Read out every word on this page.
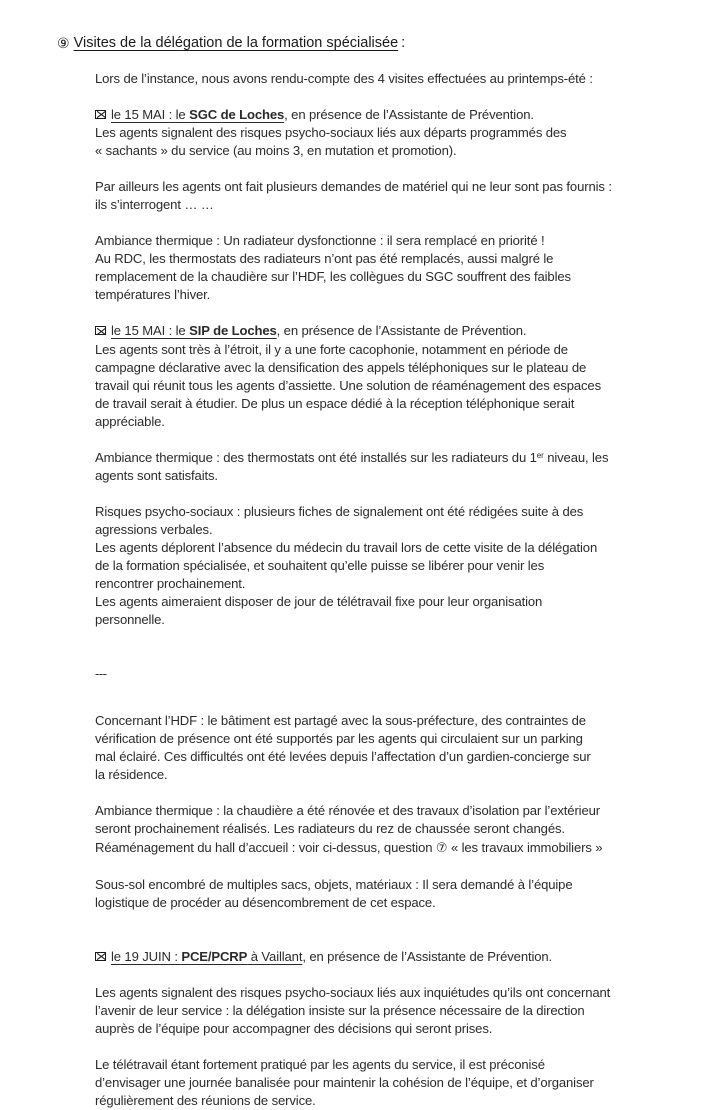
⑨ Visites de la délégation de la formation spécialisée :
Lors de l’instance, nous avons rendu-compte des 4 visites effectuées au printemps-été :
le 15 MAI : le SGC de Loches, en présence de l’Assistante de Prévention.
Les agents signalent des risques psycho-sociaux liés aux départs programmés des
« sachants » du service (au moins 3, en mutation et promotion).
Par ailleurs les agents ont fait plusieurs demandes de matériel qui ne leur sont pas fournis :
ils s’interrogent … …
Ambiance thermique : Un radiateur dysfonctionne : il sera remplacé en priorité !
Au RDC, les thermostats des radiateurs n’ont pas été remplacés, aussi malgré le
remplacement de la chaudière sur l’HDF, les collègues du SGC souffrent des faibles
températures l’hiver.
le 15 MAI : le SIP de Loches, en présence de l’Assistante de Prévention.
Les agents sont très à l’étroit, il y a une forte cacophonie, notamment en période de
campagne déclarative avec la densification des appels téléphoniques sur le plateau de
travail qui réunit tous les agents d’assiette. Une solution de réaménagement des espaces
de travail serait à étudier. De plus un espace dédié à la réception téléphonique serait
appréciable.
Ambiance thermique : des thermostats ont été installés sur les radiateurs du 1er niveau, les
agents sont satisfaits.
Risques psycho-sociaux : plusieurs fiches de signalement ont été rédigées suite à des
agressions verbales.
Les agents déplorent l’absence du médecin du travail lors de cette visite de la délégation
de la formation spécialisée, et souhaitent qu’elle puisse se libérer pour venir les
rencontrer prochainement.
Les agents aimeraient disposer de jour de télétravail fixe pour leur organisation
personnelle.
---
Concernant l’HDF : le bâtiment est partagé avec la sous-préfecture, des contraintes de
vérification de présence ont été supportés par les agents qui circulaient sur un parking
mal éclairé. Ces difficultés ont été levées depuis l’affectation d’un gardien-concierge sur
la résidence.
Ambiance thermique : la chaudière a été rénovée et des travaux d’isolation par l’extérieur
seront prochainement réalisés. Les radiateurs du rez de chaussée seront changés.
Réaménagement du hall d’accueil : voir ci-dessus, question ⑦ « les travaux immobiliers »
Sous-sol encombré de multiples sacs, objets, matériaux : Il sera demandé à l’équipe
logistique de procéder au désencombrement de cet espace.
le 19 JUIN : PCE/PCRP à Vaillant, en présence de l’Assistante de Prévention.
Les agents signalent des risques psycho-sociaux liés aux inquiétudes qu’ils ont concernant
l’avenir de leur service : la délégation insiste sur la présence nécessaire de la direction
auprès de l’équipe pour accompagner des décisions qui seront prises.
Le télétravail étant fortement pratiqué par les agents du service, il est préconisé
d’envisager une journée banalisée pour maintenir la cohésion de l’équipe, et d’organiser
régulièrement des réunions de service.
